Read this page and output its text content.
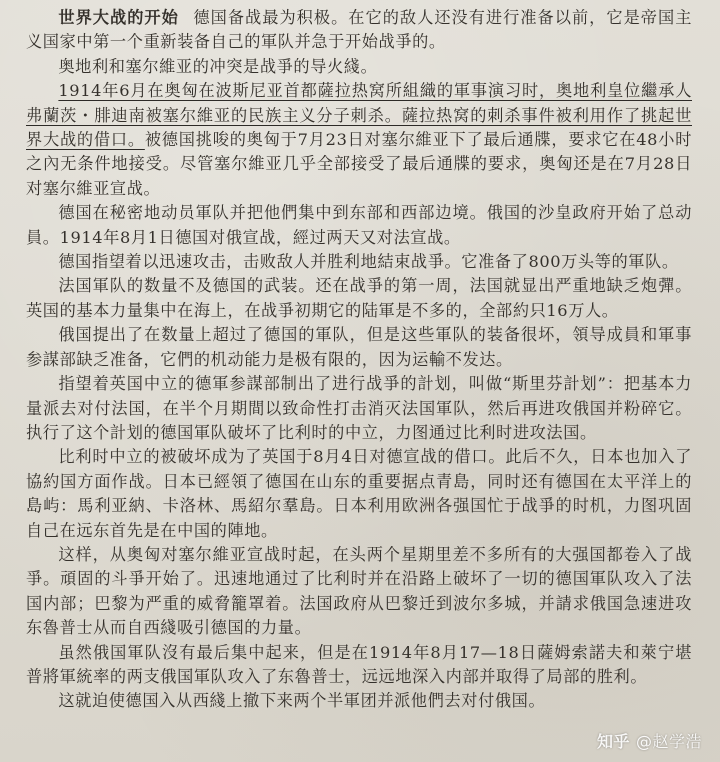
世界大战的开始 德国备战最为积极。在它的敌人还没有进行准备以前，它是帝国主义国家中第一个重新装备自己的軍队并急于开始战爭的。

奥地利和塞尔維亚的冲突是战爭的导火綫。

1914年6月在奥匈在波斯尼亚首都薩拉热窝所組織的軍事演习时，奥地利皇位繼承人弗蘭茨・腓迪南被塞尔維亚的民族主义分子刺杀。薩拉热窝的刺杀事件被利用作了挑起世界大战的借口。被德国挑唆的奥匈于7月23日对塞尔維亚下了最后通牒，要求它在48小时之內无条件地接受。尽管塞尔維亚几乎全部接受了最后通牒的要求，奥匈还是在7月28日对塞尔維亚宣战。

德国在秘密地动员軍队并把他們集中到东部和西部边境。俄国的沙皇政府开始了总动員。1914年8月1日德国对俄宣战，經过两天又对法宣战。

德国指望着以迅速攻击，击败敌人并胜利地結束战爭。它准备了800万头等的軍队。

法国軍队的数量不及德国的武装。还在战爭的第一周，法国就显出严重地缺乏炮彈。英国的基本力量集中在海上，在战爭初期它的陆軍是不多的，全部約只16万人。

俄国提出了在数量上超过了德国的軍队，但是这些軍队的装备很坏，領导成員和軍事参謀部缺乏准备，它們的机动能力是极有限的，因为运輸不发达。

指望着英国中立的德軍参謀部制出了进行战爭的計划，叫做“斯里芬計划”：把基本力量派去对付法国，在半个月期間以致命性打击消灭法国軍队，然后再进攻俄国并粉碎它。执行了这个計划的德国軍队破坏了比利时的中立，力图通过比利时进攻法国。

比利时中立的被破坏成为了英国于8月4日对德宣战的借口。此后不久，日本也加入了協約国方面作战。日本已經領了德国在山东的重要据点青島，同时还有德国在太平洋上的島屿：馬利亚納、卡洛林、馬紹尔羣島。日本利用欧洲各强国忙于战爭的时机，力图巩固自己在远东首先是在中国的陣地。

这样，从奥匈对塞尔維亚宣战时起，在头两个星期里差不多所有的大强国都卷入了战爭。頑固的斗爭开始了。迅速地通过了比利时并在沿路上破坏了一切的德国軍队攻入了法国内部；巴黎为严重的威脅籠罩着。法国政府从巴黎迁到波尔多城，并請求俄国急速进攻东魯普士从而自西綫吸引德国的力量。

虽然俄国軍队沒有最后集中起来，但是在1914年8月17—18日薩姆索諾夫和萊宁堪普將軍統率的两支俄国軍队攻入了东魯普士，远远地深入内部并取得了局部的胜利。

这就迫使德国入从西綫上撤下来两个半軍团并派他們去对付俄国。

知乎 @赵学浩
